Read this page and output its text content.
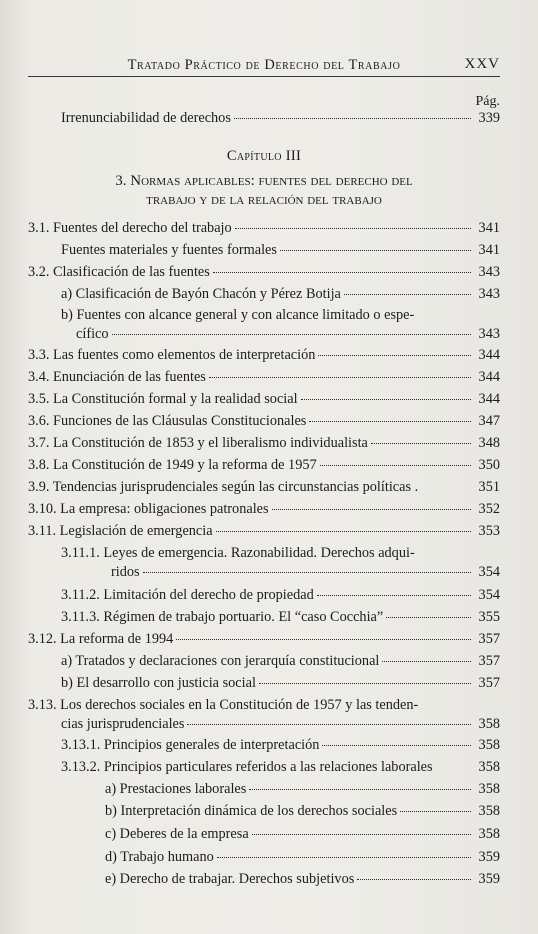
Tratado Práctico de Derecho del Trabajo	XXV
Pág.
Irrenunciabilidad de derechos	339
Capítulo III
3. Normas aplicables: fuentes del derecho del
trabajo y de la relación del trabajo
3.1. Fuentes del derecho del trabajo	341
Fuentes materiales y fuentes formales	341
3.2. Clasificación de las fuentes	343
a) Clasificación de Bayón Chacón y Pérez Botija	343
b) Fuentes con alcance general y con alcance limitado o espe-
cífico	343
3.3. Las fuentes como elementos de interpretación	344
3.4. Enunciación de las fuentes	344
3.5. La Constitución formal y la realidad social	344
3.6. Funciones de las Cláusulas Constitucionales	347
3.7. La Constitución de 1853 y el liberalismo individualista	348
3.8. La Constitución de 1949 y la reforma de 1957	350
3.9. Tendencias jurisprudenciales según las circunstancias políticas .	351
3.10. La empresa: obligaciones patronales	352
3.11. Legislación de emergencia	353
3.11.1. Leyes de emergencia. Razonabilidad. Derechos adqui-
ridos	354
3.11.2. Limitación del derecho de propiedad	354
3.11.3. Régimen de trabajo portuario. El “caso Cocchia”	355
3.12. La reforma de 1994	357
a) Tratados y declaraciones con jerarquía constitucional	357
b) El desarrollo con justicia social	357
3.13. Los derechos sociales en la Constitución de 1957 y las tenden-
cias jurisprudenciales	358
3.13.1. Principios generales de interpretación	358
3.13.2. Principios particulares referidos a las relaciones laborales	358
a) Prestaciones laborales	358
b) Interpretación dinámica de los derechos sociales	358
c) Deberes de la empresa	358
d) Trabajo humano	359
e) Derecho de trabajar. Derechos subjetivos	359
